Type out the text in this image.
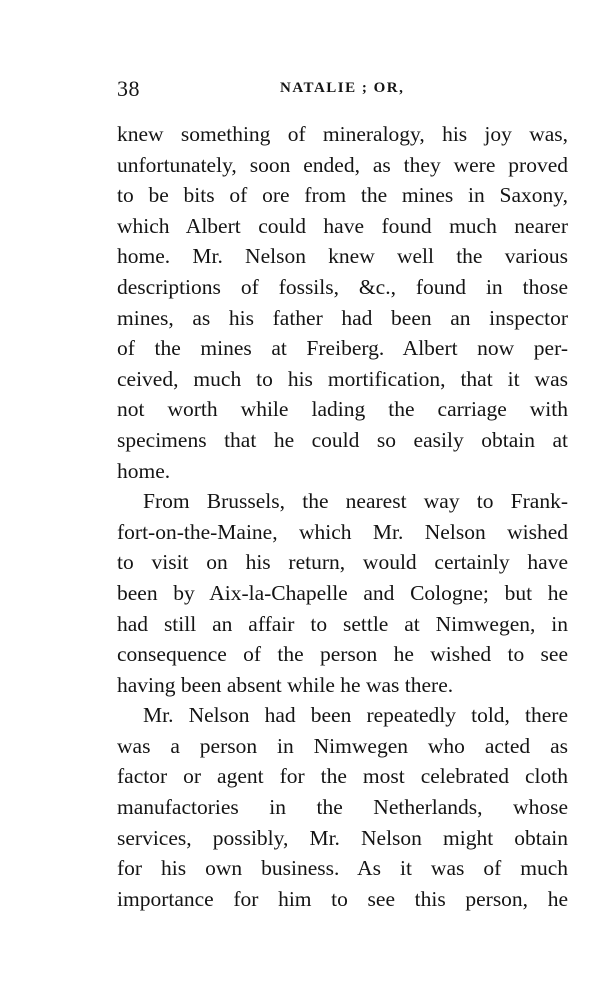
38	NATALIE ; OR,
knew something of mineralogy, his joy was,
unfortunately, soon ended, as they were proved
to be bits of ore from the mines in Saxony,
which Albert could have found much nearer
home. Mr. Nelson knew well the various
descriptions of fossils, &c., found in those
mines, as his father had been an inspector
of the mines at Freiberg. Albert now per-
ceived, much to his mortification, that it was
not worth while lading the carriage with
specimens that he could so easily obtain at
home.
From Brussels, the nearest way to Frank-
fort-on-the-Maine, which Mr. Nelson wished
to visit on his return, would certainly have
been by Aix-la-Chapelle and Cologne; but he
had still an affair to settle at Nimwegen, in
consequence of the person he wished to see
having been absent while he was there.
Mr. Nelson had been repeatedly told, there
was a person in Nimwegen who acted as
factor or agent for the most celebrated cloth
manufactories in the Netherlands, whose
services, possibly, Mr. Nelson might obtain
for his own business. As it was of much
importance for him to see this person, he
